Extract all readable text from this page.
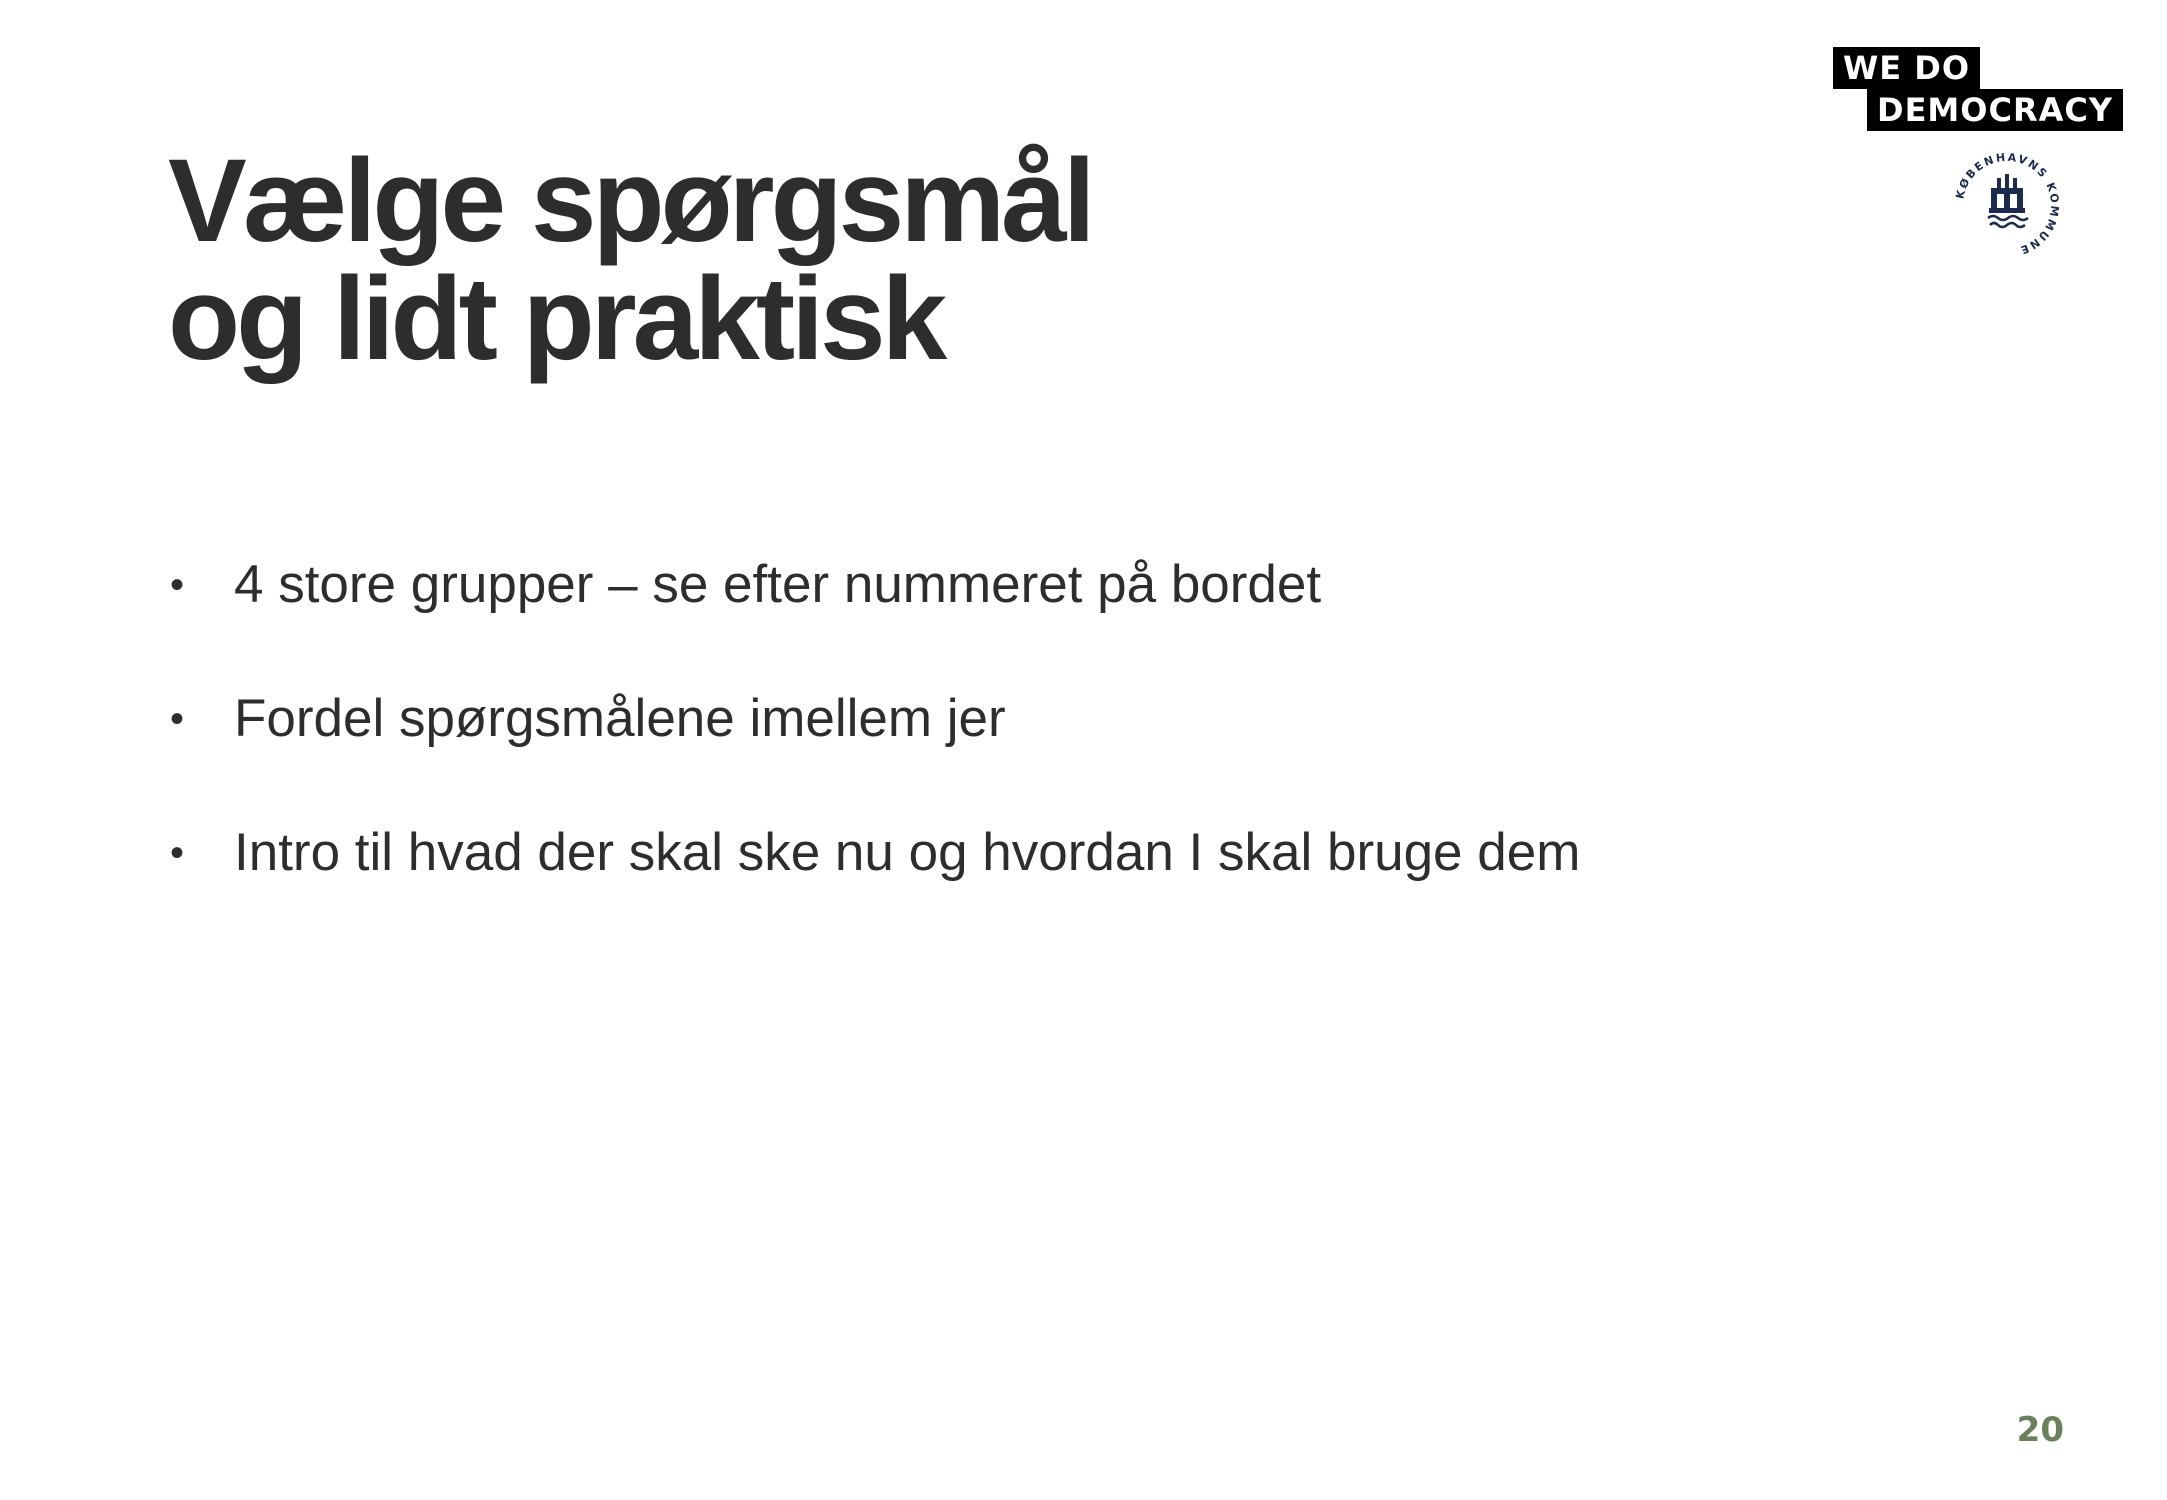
Vælge spørgsmål
og lidt praktisk
• 4 store grupper – se efter nummeret på bordet
• Fordel spørgsmålene imellem jer
• Intro til hvad der skal ske nu og hvordan I skal bruge dem
WE DO
DEMOCRACY
KØBENHAVNS KOMMUNE
20
